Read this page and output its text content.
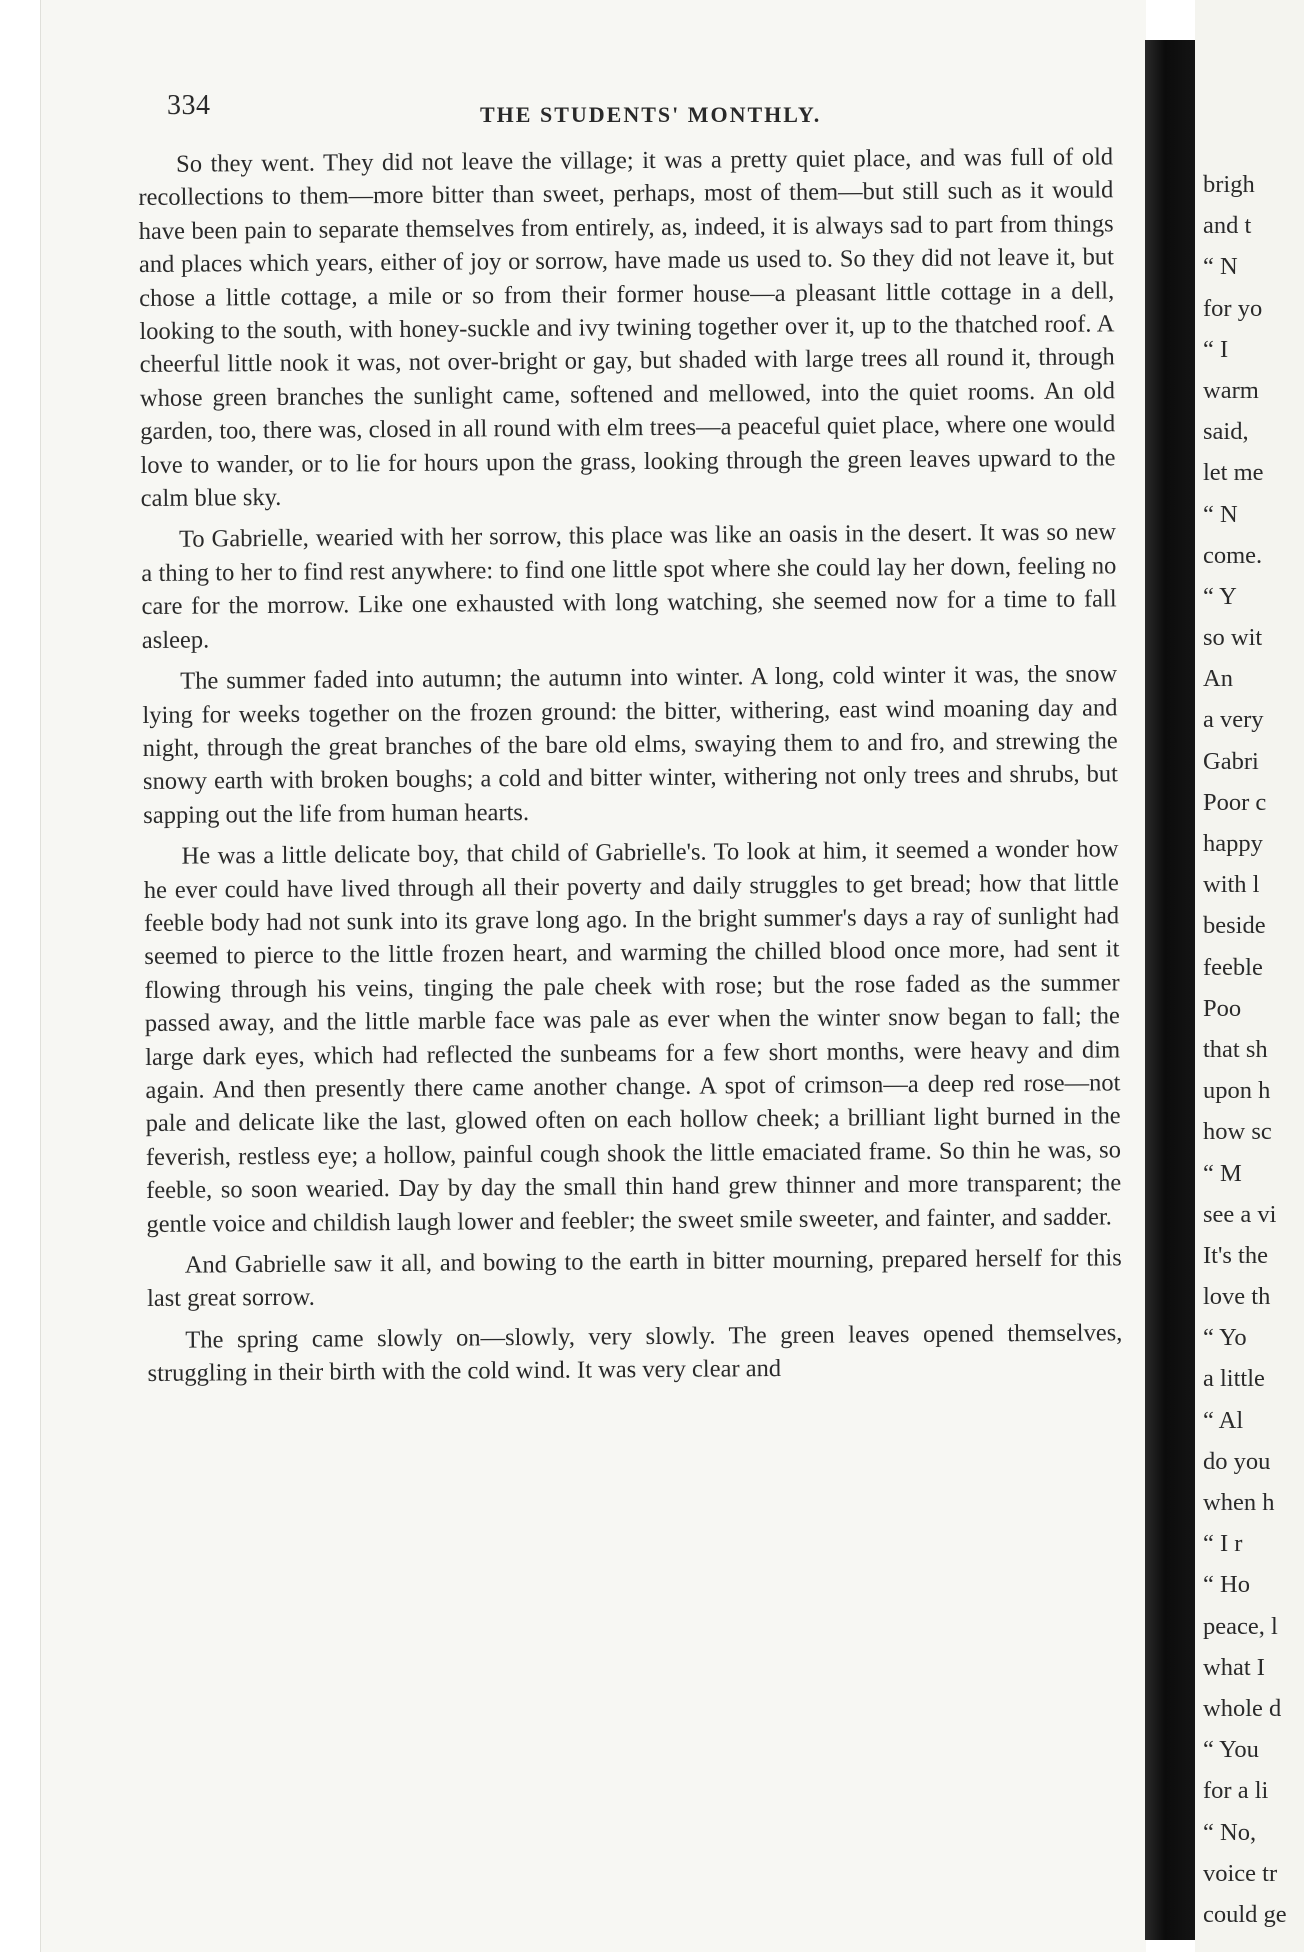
334	THE STUDENTS' MONTHLY.

So they went. They did not leave the village; it was a pretty quiet place, and was full of old recollections to them—more bitter than sweet, perhaps, most of them—but still such as it would have been pain to separate themselves from entirely, as, indeed, it is always sad to part from things and places which years, either of joy or sorrow, have made us used to. So they did not leave it, but chose a little cottage, a mile or so from their former house—a pleasant little cottage in a dell, looking to the south, with honey-suckle and ivy twining together over it, up to the thatched roof. A cheerful little nook it was, not over-bright or gay, but shaded with large trees all round it, through whose green branches the sunlight came, softened and mellowed, into the quiet rooms. An old garden, too, there was, closed in all round with elm trees—a peaceful quiet place, where one would love to wander, or to lie for hours upon the grass, looking through the green leaves upward to the calm blue sky.

To Gabrielle, wearied with her sorrow, this place was like an oasis in the desert. It was so new a thing to her to find rest anywhere: to find one little spot where she could lay her down, feeling no care for the morrow. Like one exhausted with long watching, she seemed now for a time to fall asleep.

The summer faded into autumn; the autumn into winter. A long, cold winter it was, the snow lying for weeks together on the frozen ground: the bitter, withering, east wind moaning day and night, through the great branches of the bare old elms, swaying them to and fro, and strewing the snowy earth with broken boughs; a cold and bitter winter, withering not only trees and shrubs, but sapping out the life from human hearts.

He was a little delicate boy, that child of Gabrielle's. To look at him, it seemed a wonder how he ever could have lived through all their poverty and daily struggles to get bread; how that little feeble body had not sunk into its grave long ago. In the bright summer's days a ray of sunlight had seemed to pierce to the little frozen heart, and warming the chilled blood once more, had sent it flowing through his veins, tinging the pale cheek with rose; but the rose faded as the summer passed away, and the little marble face was pale as ever when the winter snow began to fall; the large dark eyes, which had reflected the sunbeams for a few short months, were heavy and dim again. And then presently there came another change. A spot of crimson—a deep red rose—not pale and delicate like the last, glowed often on each hollow cheek; a brilliant light burned in the feverish, restless eye; a hollow, painful cough shook the little emaciated frame. So thin he was, so feeble, so soon wearied. Day by day the small thin hand grew thinner and more transparent; the gentle voice and childish laugh lower and feebler; the sweet smile sweeter, and fainter, and sadder.

And Gabrielle saw it all, and bowing to the earth in bitter mourning, prepared herself for this last great sorrow.

The spring came slowly on—slowly, very slowly. The green leaves opened themselves, struggling in their birth with the cold wind. It was very clear and

brigh
and t
“ N
for yo
“ I
warm
said,
let me
“ N
come.
“ Y
so wit
An
a very
Gabri
Poor c
happy
with l
beside
feeble
Poo
that sh
upon h
how sc
“ M
see a vi
It's the
love th
“ Yo
a little
“ Al
do you
when h
“ I r
“ Ho
peace, l
what I
whole d
“ You
for a li
“ No,
voice tr
could ge
